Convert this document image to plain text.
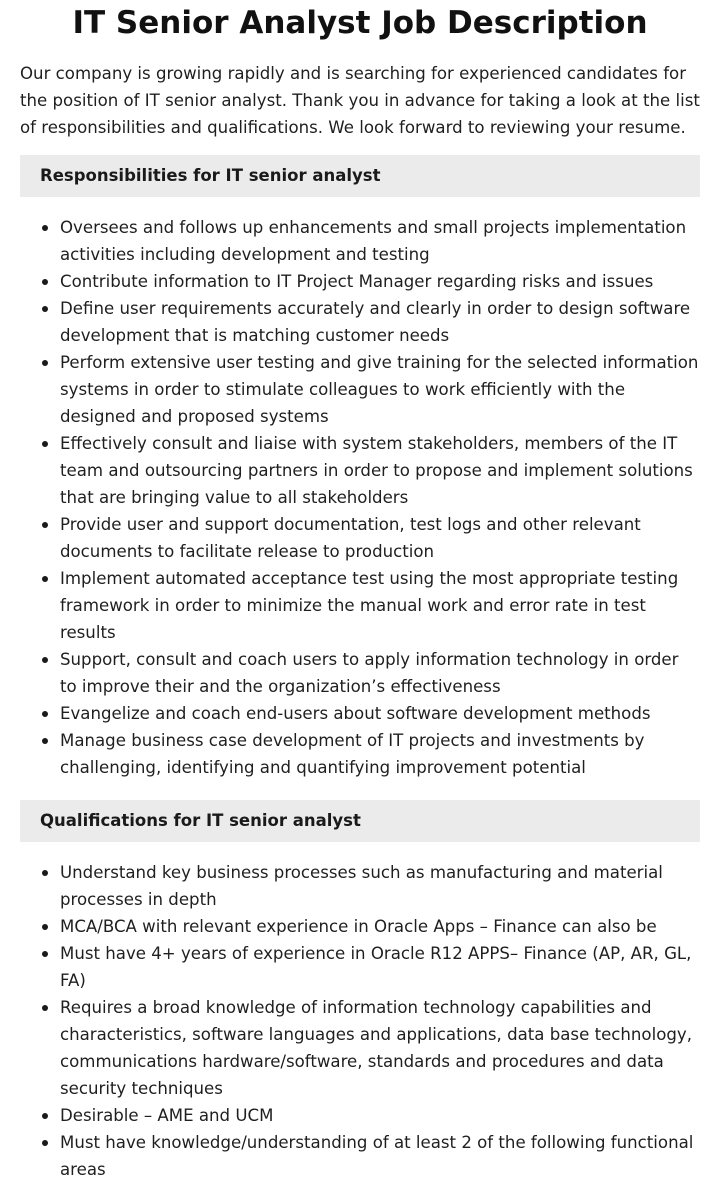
IT Senior Analyst Job Description

Our company is growing rapidly and is searching for experienced candidates for the position of IT senior analyst. Thank you in advance for taking a look at the list of responsibilities and qualifications. We look forward to reviewing your resume.

Responsibilities for IT senior analyst
Oversees and follows up enhancements and small projects implementation activities including development and testing
Contribute information to IT Project Manager regarding risks and issues
Define user requirements accurately and clearly in order to design software development that is matching customer needs
Perform extensive user testing and give training for the selected information systems in order to stimulate colleagues to work efficiently with the designed and proposed systems
Effectively consult and liaise with system stakeholders, members of the IT team and outsourcing partners in order to propose and implement solutions that are bringing value to all stakeholders
Provide user and support documentation, test logs and other relevant documents to facilitate release to production
Implement automated acceptance test using the most appropriate testing framework in order to minimize the manual work and error rate in test results
Support, consult and coach users to apply information technology in order to improve their and the organization’s effectiveness
Evangelize and coach end-users about software development methods
Manage business case development of IT projects and investments by challenging, identifying and quantifying improvement potential
Qualifications for IT senior analyst
Understand key business processes such as manufacturing and material processes in depth
MCA/BCA with relevant experience in Oracle Apps – Finance can also be
Must have 4+ years of experience in Oracle R12 APPS– Finance (AP, AR, GL, FA)
Requires a broad knowledge of information technology capabilities and characteristics, software languages and applications, data base technology, communications hardware/software, standards and procedures and data security techniques
Desirable – AME and UCM
Must have knowledge/understanding of at least 2 of the following functional areas
